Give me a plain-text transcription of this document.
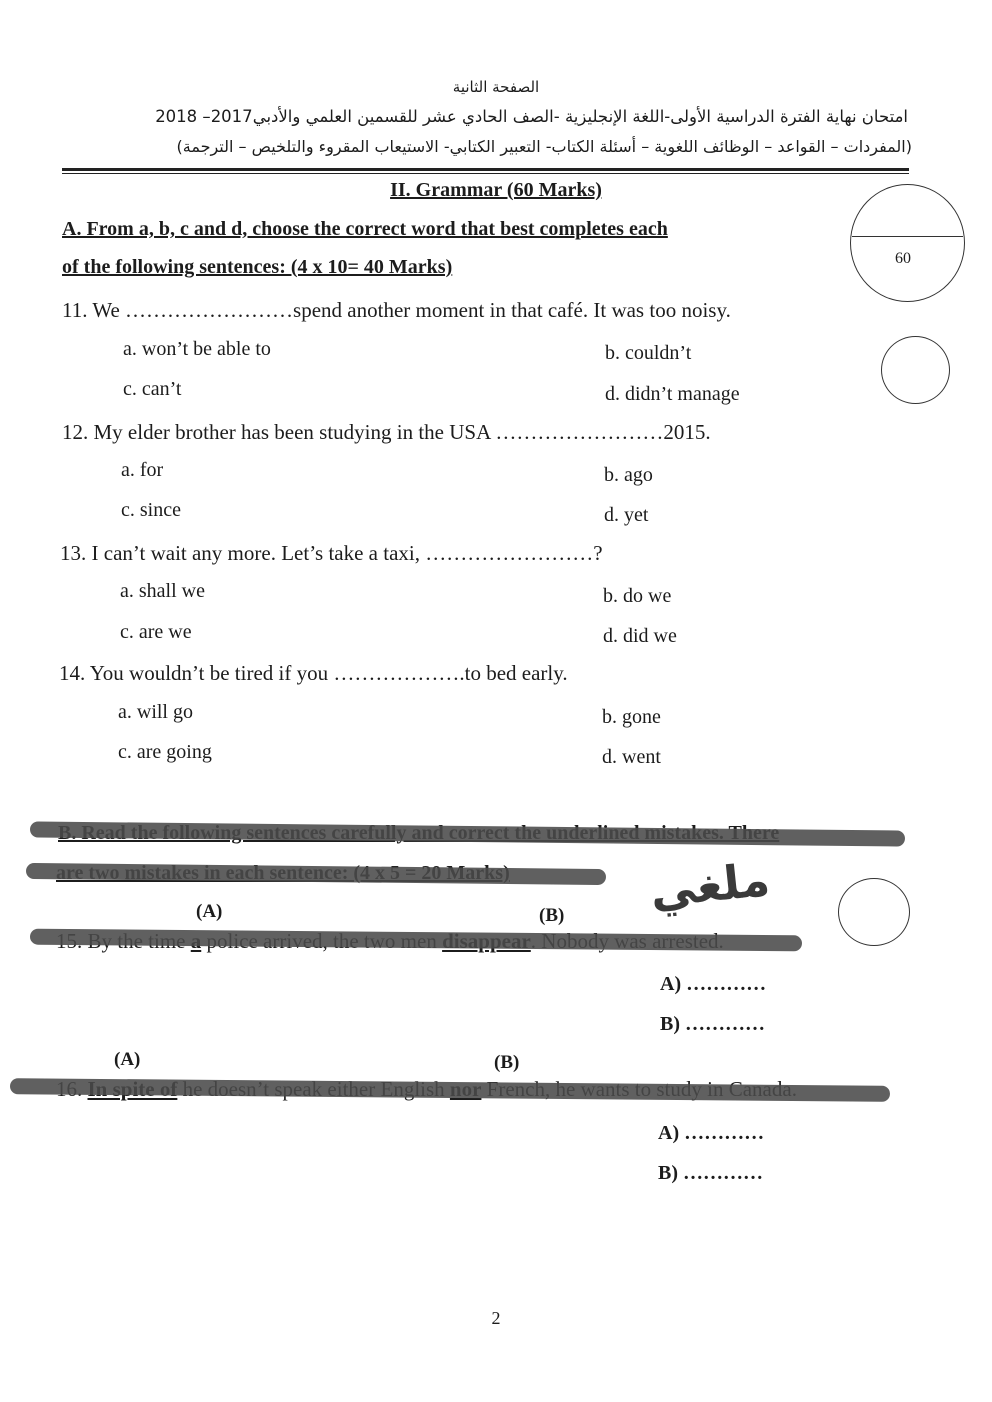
الصفحة الثانية
امتحان نهاية الفترة الدراسية الأولى-اللغة الإنجليزية -الصف الحادي عشر للقسمين العلمي والأدبي2017– 2018
(المفردات – القواعد – الوظائف اللغوية – أسئلة الكتاب- التعبير الكتابي- الاستيعاب المقروء والتلخيص – الترجمة)
II. Grammar (60 Marks)
60
A. From a, b, c and d, choose the correct word that best completes each
of the following sentences: (4 x 10= 40 Marks)
11. We ……………………spend another moment in that café. It was too noisy.
a. won’t be able to	b. couldn’t
c. can’t	d. didn’t manage
12. My elder brother has been studying in the USA ……………………2015.
a. for	b. ago
c. since	d. yet
13. I can’t wait any more. Let’s take a taxi, ……………………?
a. shall we	b. do we
c. are we	d. did we
14. You wouldn’t be tired if you ……………….to bed early.
a. will go	b. gone
c. are going	d. went
ملغي
(A)	(B)
A) …………
B) …………
(A)	(B)
A) …………
B) …………
2
